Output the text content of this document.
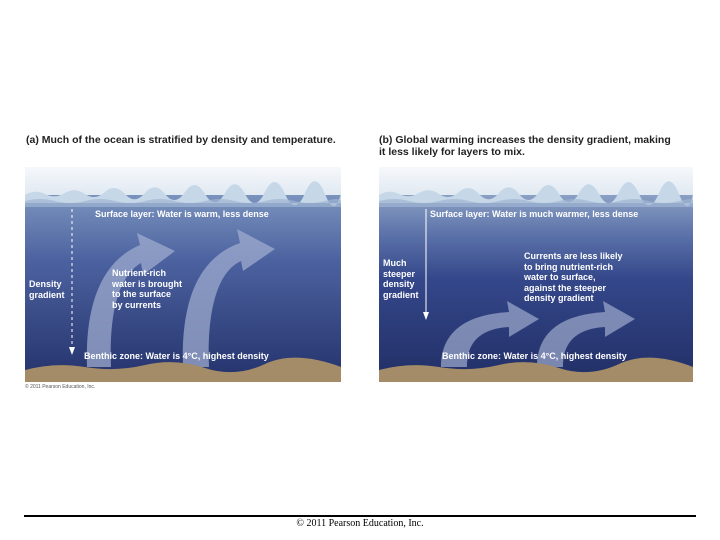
(a) Much of the ocean is stratified by density and temperature.	(b) Global warming increases the density gradient, making
it less likely for layers to mix.
Surface layer: Water is warm, less dense
Density
gradient
Nutrient-rich
water is brought
to the surface
by currents
Benthic zone: Water is 4°C, highest density
© 2011 Pearson Education, Inc.
Surface layer: Water is much warmer, less dense
Much
steeper
density
gradient
Currents are less likely
to bring nutrient-rich
water to surface,
against the steeper
density gradient
Benthic zone: Water is 4°C, highest density
© 2011 Pearson Education, Inc.
